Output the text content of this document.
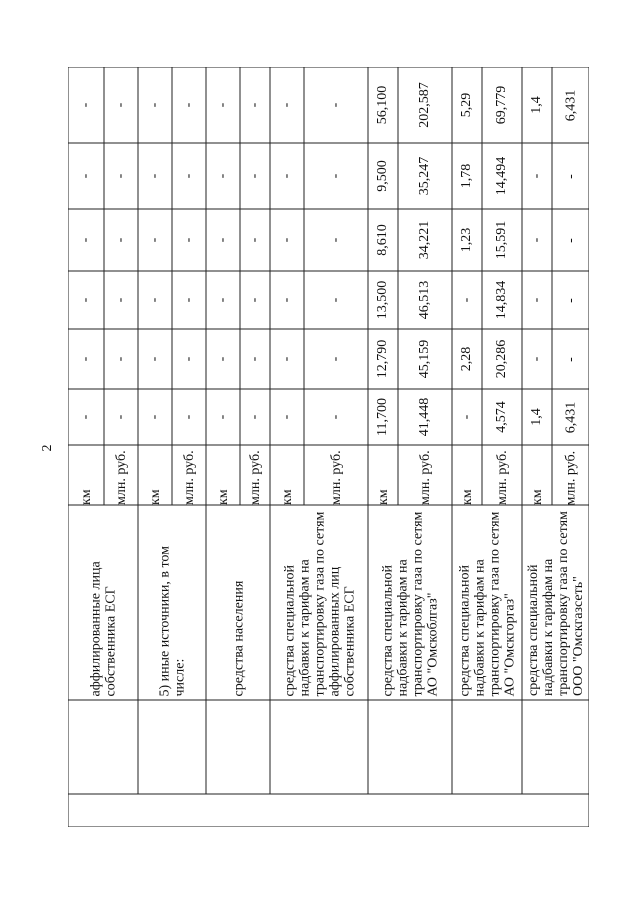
2
-
-
-
-
-
-
км
аффилированные лица собственника ЕСГ
-
-
-
-
-
-
млн. руб.
-
-
-
-
-
-
км
5) иные источники, в том числе:
-
-
-
-
-
-
млн. руб.
-
-
-
-
-
-
км
средства населения
-
-
-
-
-
-
млн. руб.
-
-
-
-
-
-
км
средства специальной надбавки к тарифам на транспортировку газа по сетям аффилированных лиц собственника ЕСГ
-
-
-
-
-
-
млн. руб.
11,700
12,790
13,500
8,610
9,500
56,100
км
средства специальной надбавки к тарифам на транспортировку газа по сетям АО "Омскоблгаз"
41,448
45,159
46,513
34,221
35,247
202,587
млн. руб.
-
2,28
-
1,23
1,78
5,29
км
средства специальной надбавки к тарифам на транспортировку газа по сетям АО "Омскгоргаз"
4,574
20,286
14,834
15,591
14,494
69,779
млн. руб.
1,4
-
-
-
-
1,4
км
средства специальной надбавки к тарифам на транспортировку газа по сетям ООО "Омскгазсеть"
6,431
-
-
-
-
6,431
млн. руб.
